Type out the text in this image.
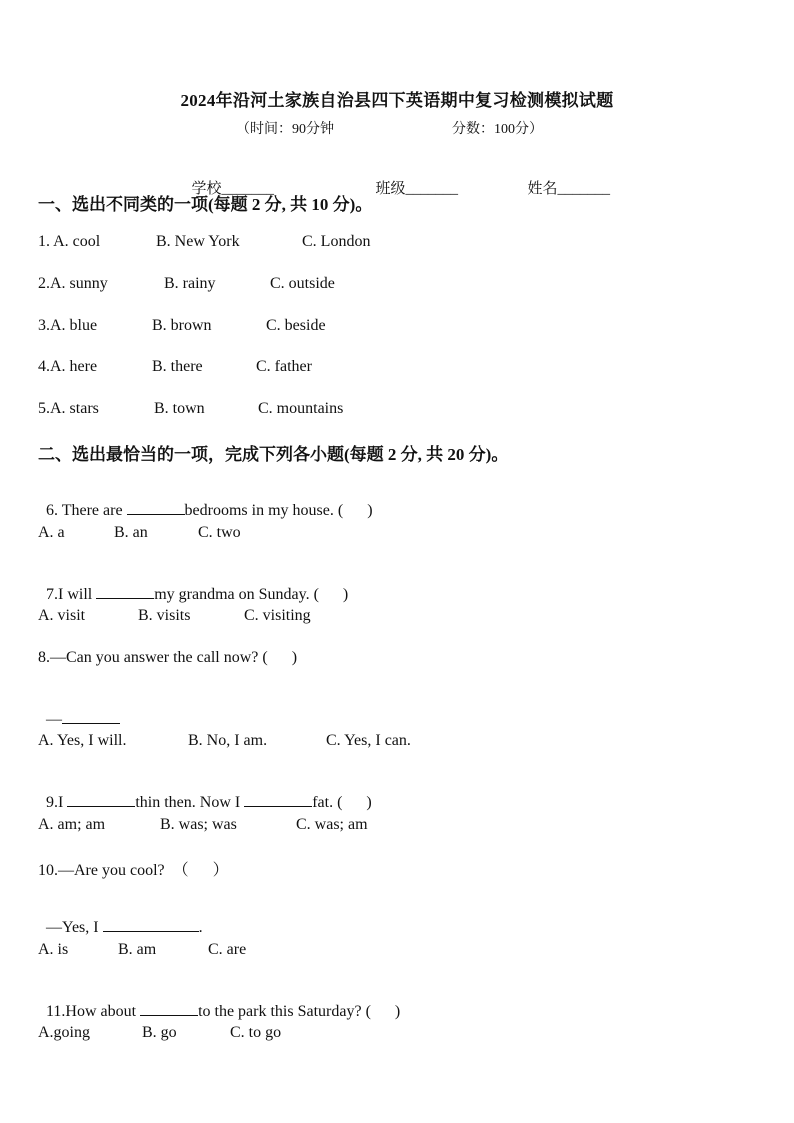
2024年沿河土家族自治县四下英语期中复习检测模拟试题
（时间：90分钟	分数：100分）

学校_______	班级_______	姓名_______

一、选出不同类的一项(每题 2 分, 共 10 分)。
1. A. cool	B. New York	C. London
2.A. sunny	B. rainy	C. outside
3.A. blue	B. brown	C. beside
4.A. here	B. there	C. father
5.A. stars	B. town	C. mountains
二、选出最恰当的一项，完成下列各小题(每题 2 分, 共 20 分)。

6. There are	bedrooms in my house. (      )

A. a	B. an	C. two

7.I will	my grandma on Sunday. (      )

A. visit	B. visits	C. visiting
8.—Can you answer the call now? (      )

—

A. Yes, I will.	B. No, I am.	C. Yes, I can.

9.I	thin then. Now I	fat. (      )

A. am; am	B. was; was	C. was; am
10.—Are you cool?  （      ）

—Yes, I	.

A. is	B. am	C. are

11.How about	to the park this Saturday? (      )

A.going	B. go	C. to go
